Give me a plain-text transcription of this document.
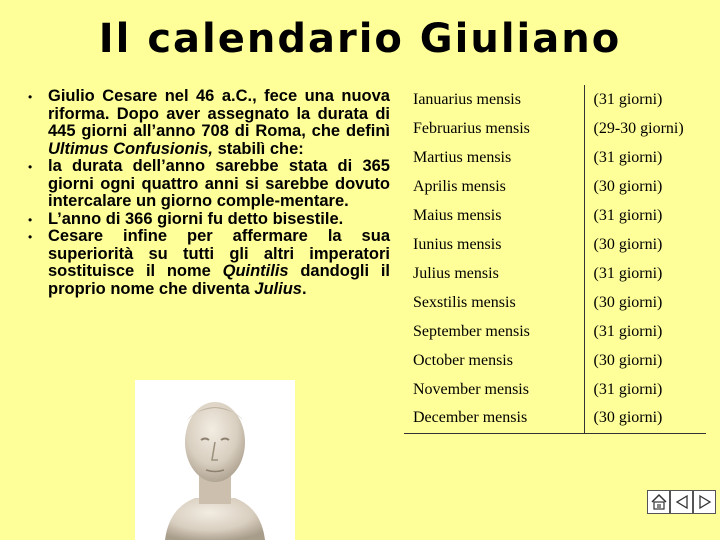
Il calendario Giuliano
• Giulio Cesare nel 46 a.C., fece una nuova riforma. Dopo aver assegnato la durata di 445 giorni all’anno 708 di Roma, che definì Ultimus Confusionis, stabilì che:
• la durata dell’anno sarebbe stata di 365 giorni ogni quattro anni si sarebbe dovuto intercalare un giorno comple-mentare.
• L’anno di 366 giorni fu detto bisestile.
• Cesare infine per affermare la sua superiorità su tutti gli altri imperatori sostituisce il nome Quintilis dandogli il proprio nome che diventa Julius.
Ianuarius mensis	(31 giorni)
Februarius mensis	(29-30 giorni)
Martius mensis	(31 giorni)
Aprilis mensis	(30 giorni)
Maius mensis	(31 giorni)
Iunius mensis	(30 giorni)
Julius mensis	(31 giorni)
Sexstilis mensis	(30 giorni)
September mensis	(31 giorni)
October mensis	(30 giorni)
November mensis	(31 giorni)
December mensis	(30 giorni)
